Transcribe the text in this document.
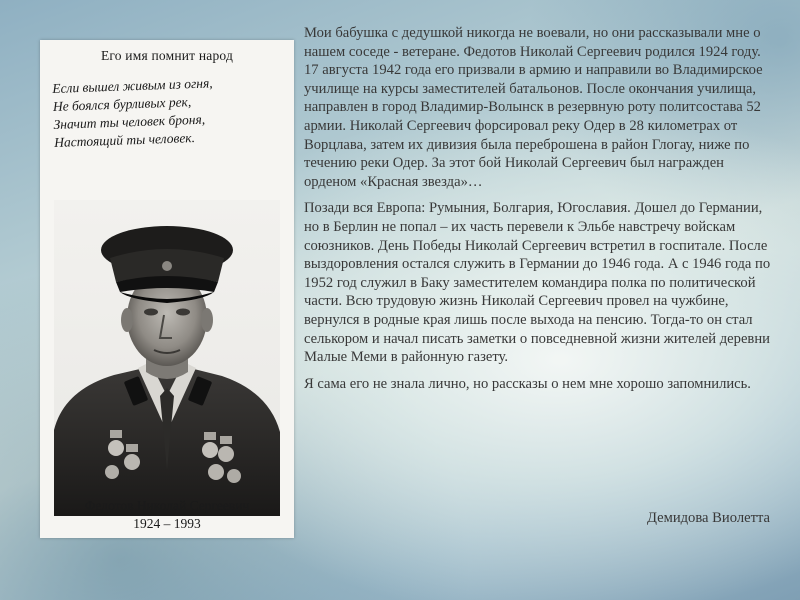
Его имя помнит народ
Если вышел живым из огня,
Не боялся бурливых рек,
Значит ты человек броня,
Настоящий ты человек.
Федотов Николай Сергеевич
1924 – 1993

Мои бабушка с дедушкой никогда не воевали, но они рассказывали мне о нашем соседе - ветеране. Федотов Николай Сергеевич родился 1924 году. 17 августа 1942 года его призвали в армию и направили во Владимирское училище на курсы заместителей батальонов. После окончания училища, направлен в город Владимир-Волынск в резервную роту политсостава 52 армии. Николай Сергеевич форсировал реку Одер в 28 километрах от Ворцлава, затем их дивизия была переброшена в район Глогау, ниже по течению реки Одер. За этот бой Николай Сергеевич был награжден орденом «Красная звезда»…

Позади вся Европа: Румыния, Болгария, Югославия. Дошел до Германии, но в Берлин не попал – их часть перевели к Эльбе навстречу войскам союзников. День Победы Николай Сергеевич встретил в госпитале. После выздоровления остался служить в Германии до 1946 года. А с 1946 года по 1952 год служил в Баку заместителем командира полка по политической части. Всю трудовую жизнь Николай Сергеевич провел на чужбине, вернулся в родные края лишь после выхода на пенсию. Тогда-то он стал селькором и начал писать заметки о повседневной жизни жителей деревни Малые Меми в районную газету.

Я сама его не знала лично, но рассказы о нем мне хорошо запомнились.

Демидова Виолетта
